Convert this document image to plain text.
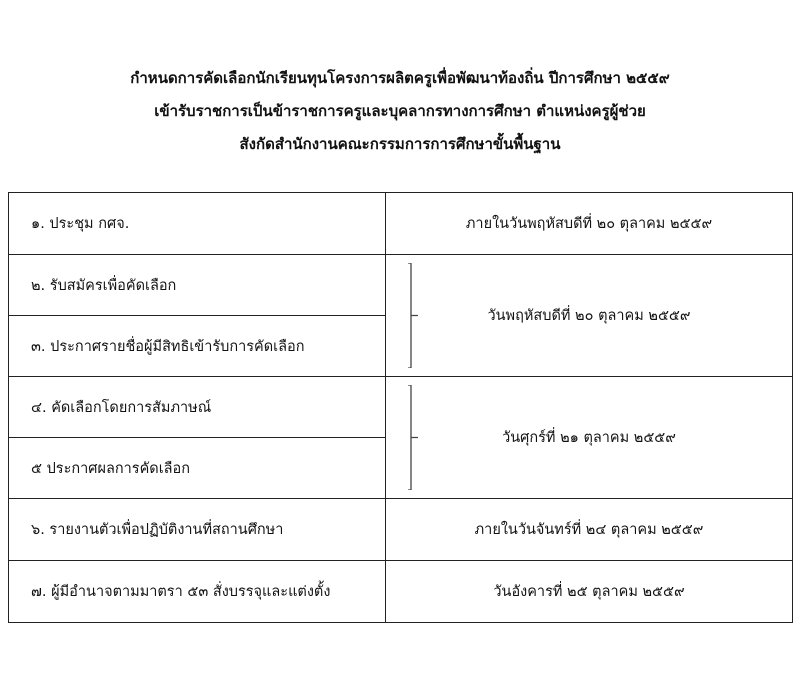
กำหนดการคัดเลือกนักเรียนทุนโครงการผลิตครูเพื่อพัฒนาท้องถิ่น ปีการศึกษา ๒๕๕๙
เข้ารับราชการเป็นข้าราชการครูและบุคลากรทางการศึกษา ตำแหน่งครูผู้ช่วย
สังกัดสำนักงานคณะกรรมการการศึกษาขั้นพื้นฐาน
๑. ประชุม กศจ.	ภายในวันพฤหัสบดีที่ ๒๐ ตุลาคม ๒๕๕๙
๒. รับสมัครเพื่อคัดเลือก	วันพฤหัสบดีที่ ๒๐ ตุลาคม ๒๕๕๙
๓. ประกาศรายชื่อผู้มีสิทธิเข้ารับการคัดเลือก	
๔. คัดเลือกโดยการสัมภาษณ์	วันศุกร์ที่ ๒๑ ตุลาคม ๒๕๕๙
๕ ประกาศผลการคัดเลือก	
๖. รายงานตัวเพื่อปฏิบัติงานที่สถานศึกษา	ภายในวันจันทร์ที่ ๒๔ ตุลาคม ๒๕๕๙
๗. ผู้มีอำนาจตามมาตรา ๕๓ สั่งบรรจุและแต่งตั้ง	วันอังคารที่ ๒๕ ตุลาคม ๒๕๕๙
